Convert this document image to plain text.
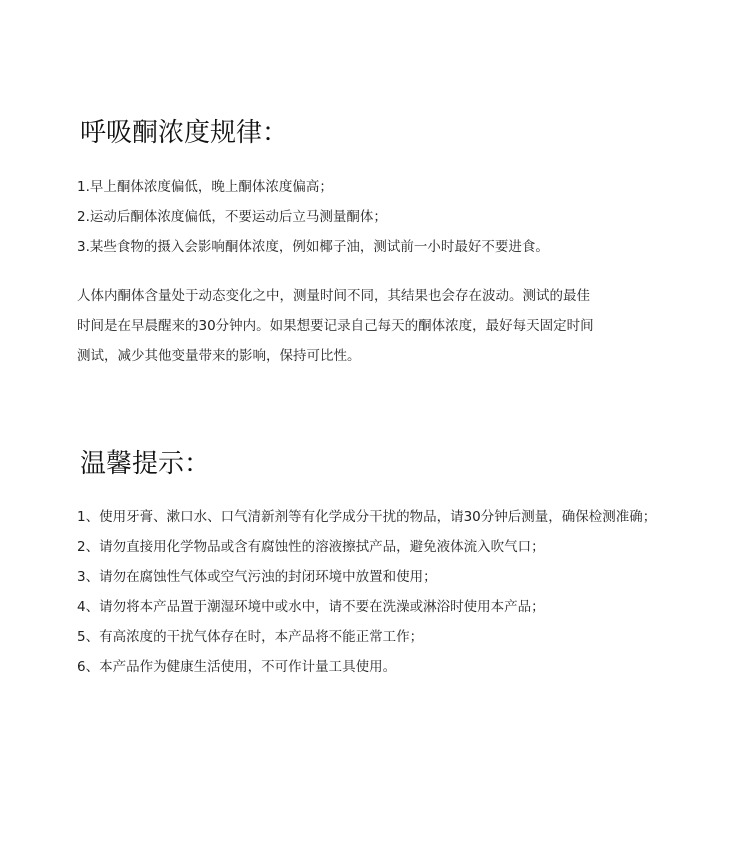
呼吸酮浓度规律：
1.早上酮体浓度偏低，晚上酮体浓度偏高；
2.运动后酮体浓度偏低，不要运动后立马测量酮体；
3.某些食物的摄入会影响酮体浓度，例如椰子油，测试前一小时最好不要进食。
人体内酮体含量处于动态变化之中，测量时间不同，其结果也会存在波动。测试的最佳
时间是在早晨醒来的30分钟内。如果想要记录自己每天的酮体浓度，最好每天固定时间
测试，减少其他变量带来的影响，保持可比性。
温馨提示：
1、使用牙膏、漱口水、口气清新剂等有化学成分干扰的物品，请30分钟后测量，确保检测准确；
2、请勿直接用化学物品或含有腐蚀性的溶液擦拭产品，避免液体流入吹气口；
3、请勿在腐蚀性气体或空气污浊的封闭环境中放置和使用；
4、请勿将本产品置于潮湿环境中或水中，请不要在洗澡或淋浴时使用本产品；
5、有高浓度的干扰气体存在时，本产品将不能正常工作；
6、本产品作为健康生活使用，不可作计量工具使用。
